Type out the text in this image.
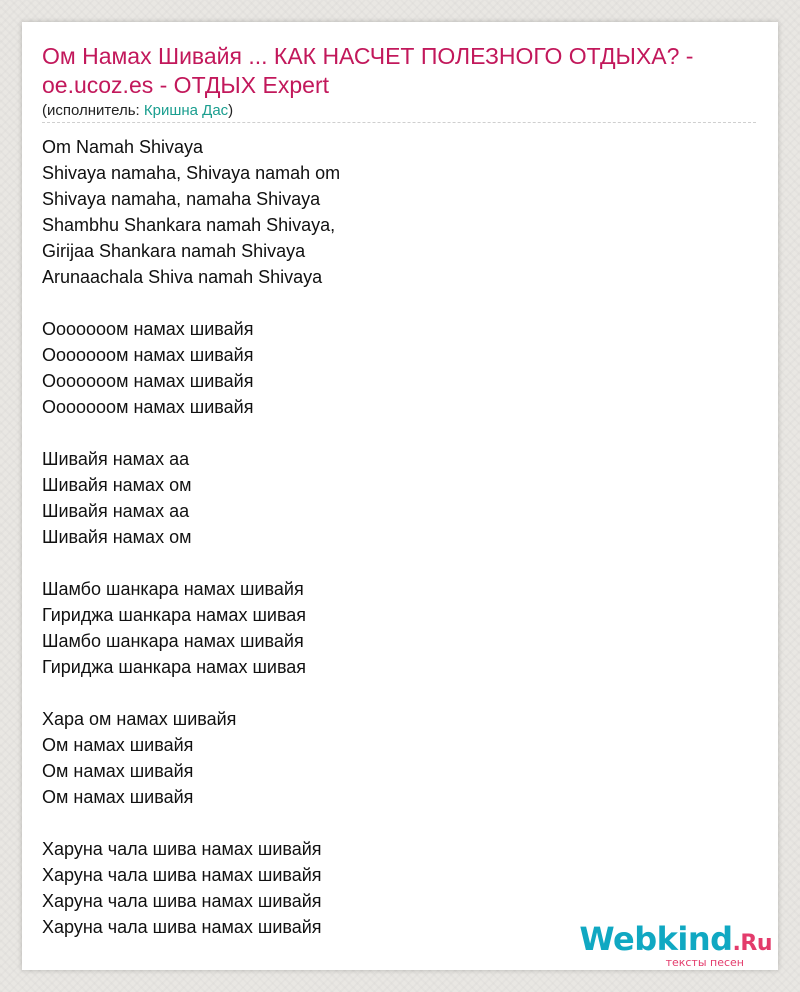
Ом Намах Шивайя ... КАК НАСЧЕТ ПОЛЕЗНОГО ОТДЫХА? - oe.ucoz.es - ОТДЫХ Expert
(исполнитель: Кришна Дас)
Om Namah Shivaya
Shivaya namaha, Shivaya namah om
Shivaya namaha, namaha Shivaya
Shambhu Shankara namah Shivaya,
Girijaa Shankara namah Shivaya
Arunaachala Shiva namah Shivaya
Ооооооом намах шивайя
Ооооооом намах шивайя
Ооооооом намах шивайя
Ооооооом намах шивайя
Шивайя намах аа
Шивайя намах ом
Шивайя намах аа
Шивайя намах ом
Шамбо шанкара намах шивайя
Гириджа шанкара намах шивая
Шамбо шанкара намах шивайя
Гириджа шанкара намах шивая
Хара ом намах шивайя
Ом намах шивайя
Ом намах шивайя
Ом намах шивайя
Харуна чала шива намах шивайя
Харуна чала шива намах шивайя
Харуна чала шива намах шивайя
Харуна чала шива намах шивайя	Webkind.Ru
тексты песен
